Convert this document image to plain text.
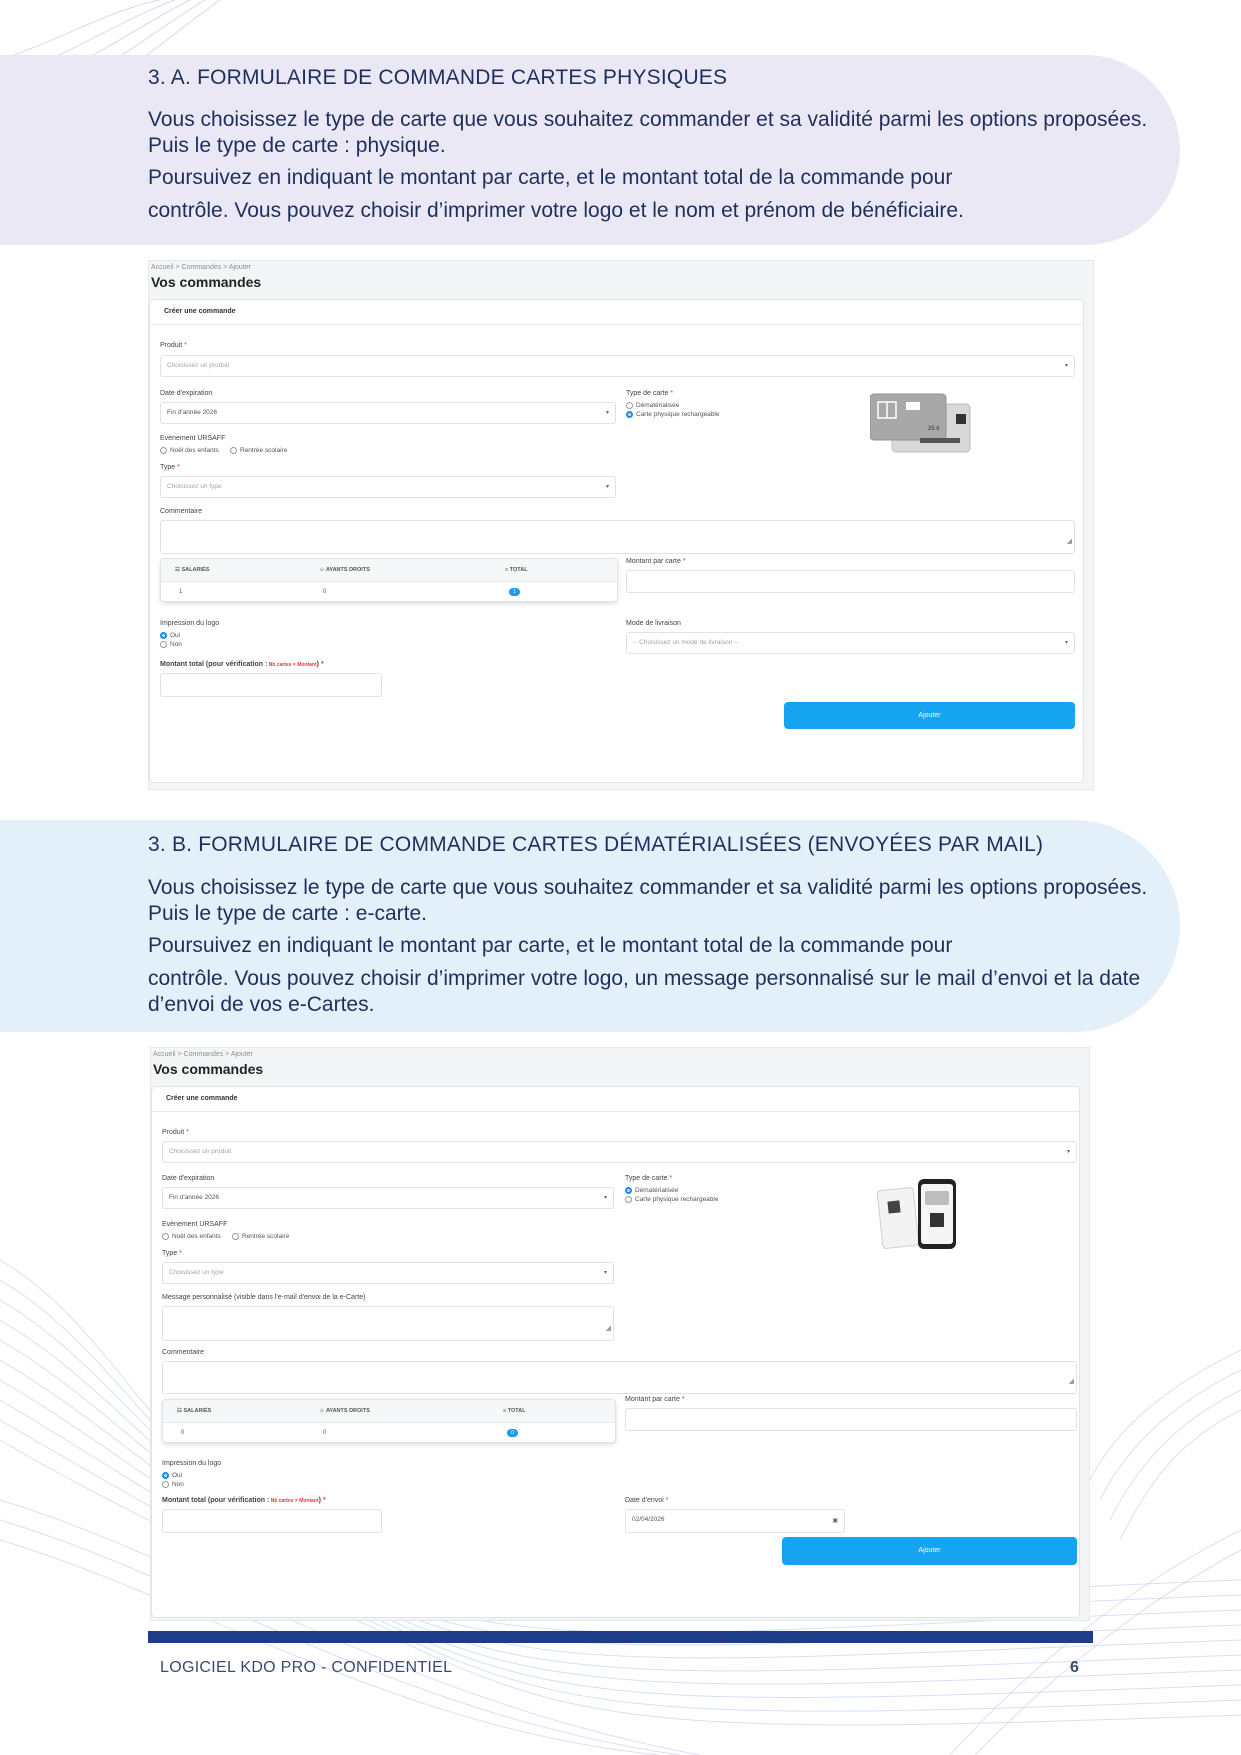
3. A. FORMULAIRE DE COMMANDE CARTES PHYSIQUES

Vous choisissez le type de carte que vous souhaitez commander et sa validité parmi les options proposées. Puis le type de carte : physique.

Poursuivez en indiquant le montant par carte, et le montant total de la commande pour

contrôle. Vous pouvez choisir d’imprimer votre logo et le nom et prénom de bénéficiaire.

Accueil > Commandes > Ajouter
Vos commandes
Créer une commande
Produit *
Choisissez un produit	▾
Date d'expiration
Fin d'année 2026	▾
Type de carte *
Dématérialisée
Carte physique rechargeable
25 €
Evènement URSAFF
Noël des enfants	Rentrée scolaire
Type *
Choisissez un type	▾
Commentaire
◢
☷ SALARIÉS	☺ AYANTS DROITS	≡ TOTAL
1	0	1
Montant par carte *
Impression du logo
Oui
Non
Mode de livraison
-- Choisissez un mode de livraison --	▾
Montant total (pour vérification : Nb cartes × Montant) *
Ajouter
3. B. FORMULAIRE DE COMMANDE CARTES DÉMATÉRIALISÉES (ENVOYÉES PAR MAIL)

Vous choisissez le type de carte que vous souhaitez commander et sa validité parmi les options proposées. Puis le type de carte : e-carte.

Poursuivez en indiquant le montant par carte, et le montant total de la commande pour

contrôle. Vous pouvez choisir d’imprimer votre logo, un message personnalisé sur le mail d’envoi et la date d’envoi de vos e-Cartes.

Accueil > Commandes > Ajouter
Vos commandes
Créer une commande
Produit *
Choisissez un produit	▾
Date d'expiration
Fin d'année 2026	▾
Type de carte *
Dématérialisée
Carte physique rechargeable
Evènement URSAFF
Noël des enfants	Rentrée scolaire
Type *
Choisissez un type	▾
Message personnalisé (visible dans l'e-mail d'envoi de la e-Carte)
◢
Commentaire
◢
☷ SALARIÉS	☺ AYANTS DROITS	≡ TOTAL
0	0	0
Montant par carte *
Impression du logo
Oui
Non
Montant total (pour vérification : Nb cartes × Montant) *	Date d'envoi *
02/04/2026	▣
Ajouter
LOGICIEL KDO PRO - CONFIDENTIEL	6
